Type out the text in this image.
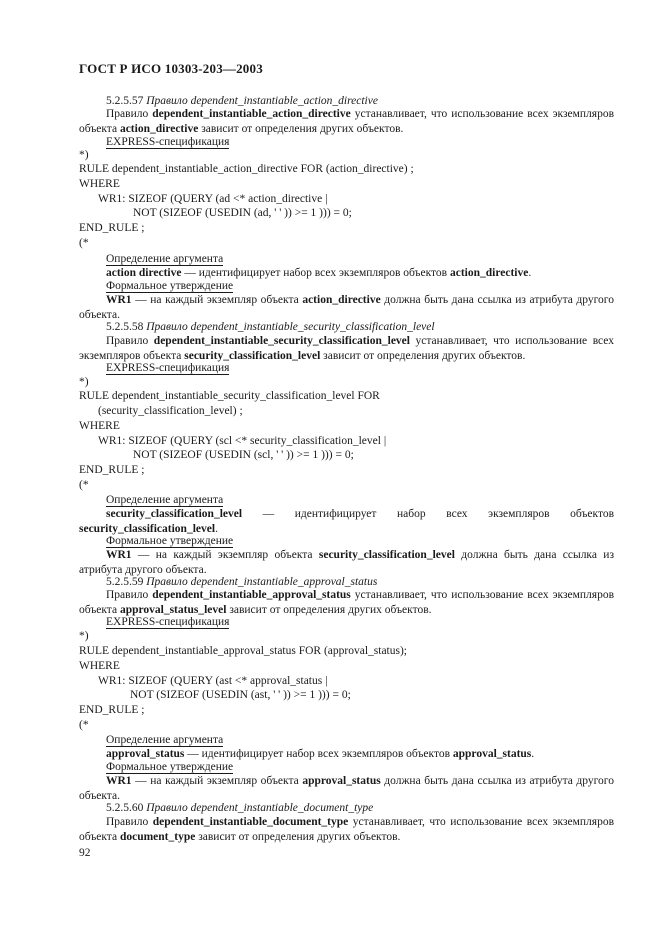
ГОСТ Р ИСО 10303-203—2003
5.2.5.57 Правило dependent_instantiable_action_directive
Правило dependent_instantiable_action_directive устанавливает, что использование всех экземпляров объекта action_directive зависит от определения других объектов.
EXPRESS-спецификация
*)
RULE dependent_instantiable_action_directive FOR (action_directive) ;
WHERE
WR1: SIZEOF (QUERY (ad <* action_directive |
NOT (SIZEOF (USEDIN (ad, ' ' )) >= 1 ))) = 0;
END_RULE ;
(*
Определение аргумента
action directive — идентифицирует набор всех экземпляров объектов action_directive.
Формальное утверждение
WR1 — на каждый экземпляр объекта action_directive должна быть дана ссылка из атрибута другого объекта.
5.2.5.58 Правило dependent_instantiable_security_classification_level
Правило dependent_instantiable_security_classification_level устанавливает, что использование всех экземпляров объекта security_classification_level зависит от определения других объектов.
EXPRESS-спецификация
*)
RULE dependent_instantiable_security_classification_level FOR
(security_classification_level) ;
WHERE
WR1: SIZEOF (QUERY (scl <* security_classification_level |
NOT (SIZEOF (USEDIN (scl, ' ' )) >= 1 ))) = 0;
END_RULE ;
(*
Определение аргумента
security_classification_level — идентифицирует набор всех экземпляров объектов security_classification_level.
Формальное утверждение
WR1 — на каждый экземпляр объекта security_classification_level должна быть дана ссылка из атрибута другого объекта.
5.2.5.59 Правило dependent_instantiable_approval_status
Правило dependent_instantiable_approval_status устанавливает, что использование всех экземпляров объекта approval_status_level зависит от определения других объектов.
EXPRESS-спецификация
*)
RULE dependent_instantiable_approval_status FOR (approval_status);
WHERE
WR1: SIZEOF (QUERY (ast <* approval_status |
NOT (SIZEOF (USEDIN (ast, ' ' )) >= 1 ))) = 0;
END_RULE ;
(*
Определение аргумента
approval_status — идентифицирует набор всех экземпляров объектов approval_status.
Формальное утверждение
WR1 — на каждый экземпляр объекта approval_status должна быть дана ссылка из атрибута другого объекта.
5.2.5.60 Правило dependent_instantiable_document_type
Правило dependent_instantiable_document_type устанавливает, что использование всех экземпляров объекта document_type зависит от определения других объектов.
92
